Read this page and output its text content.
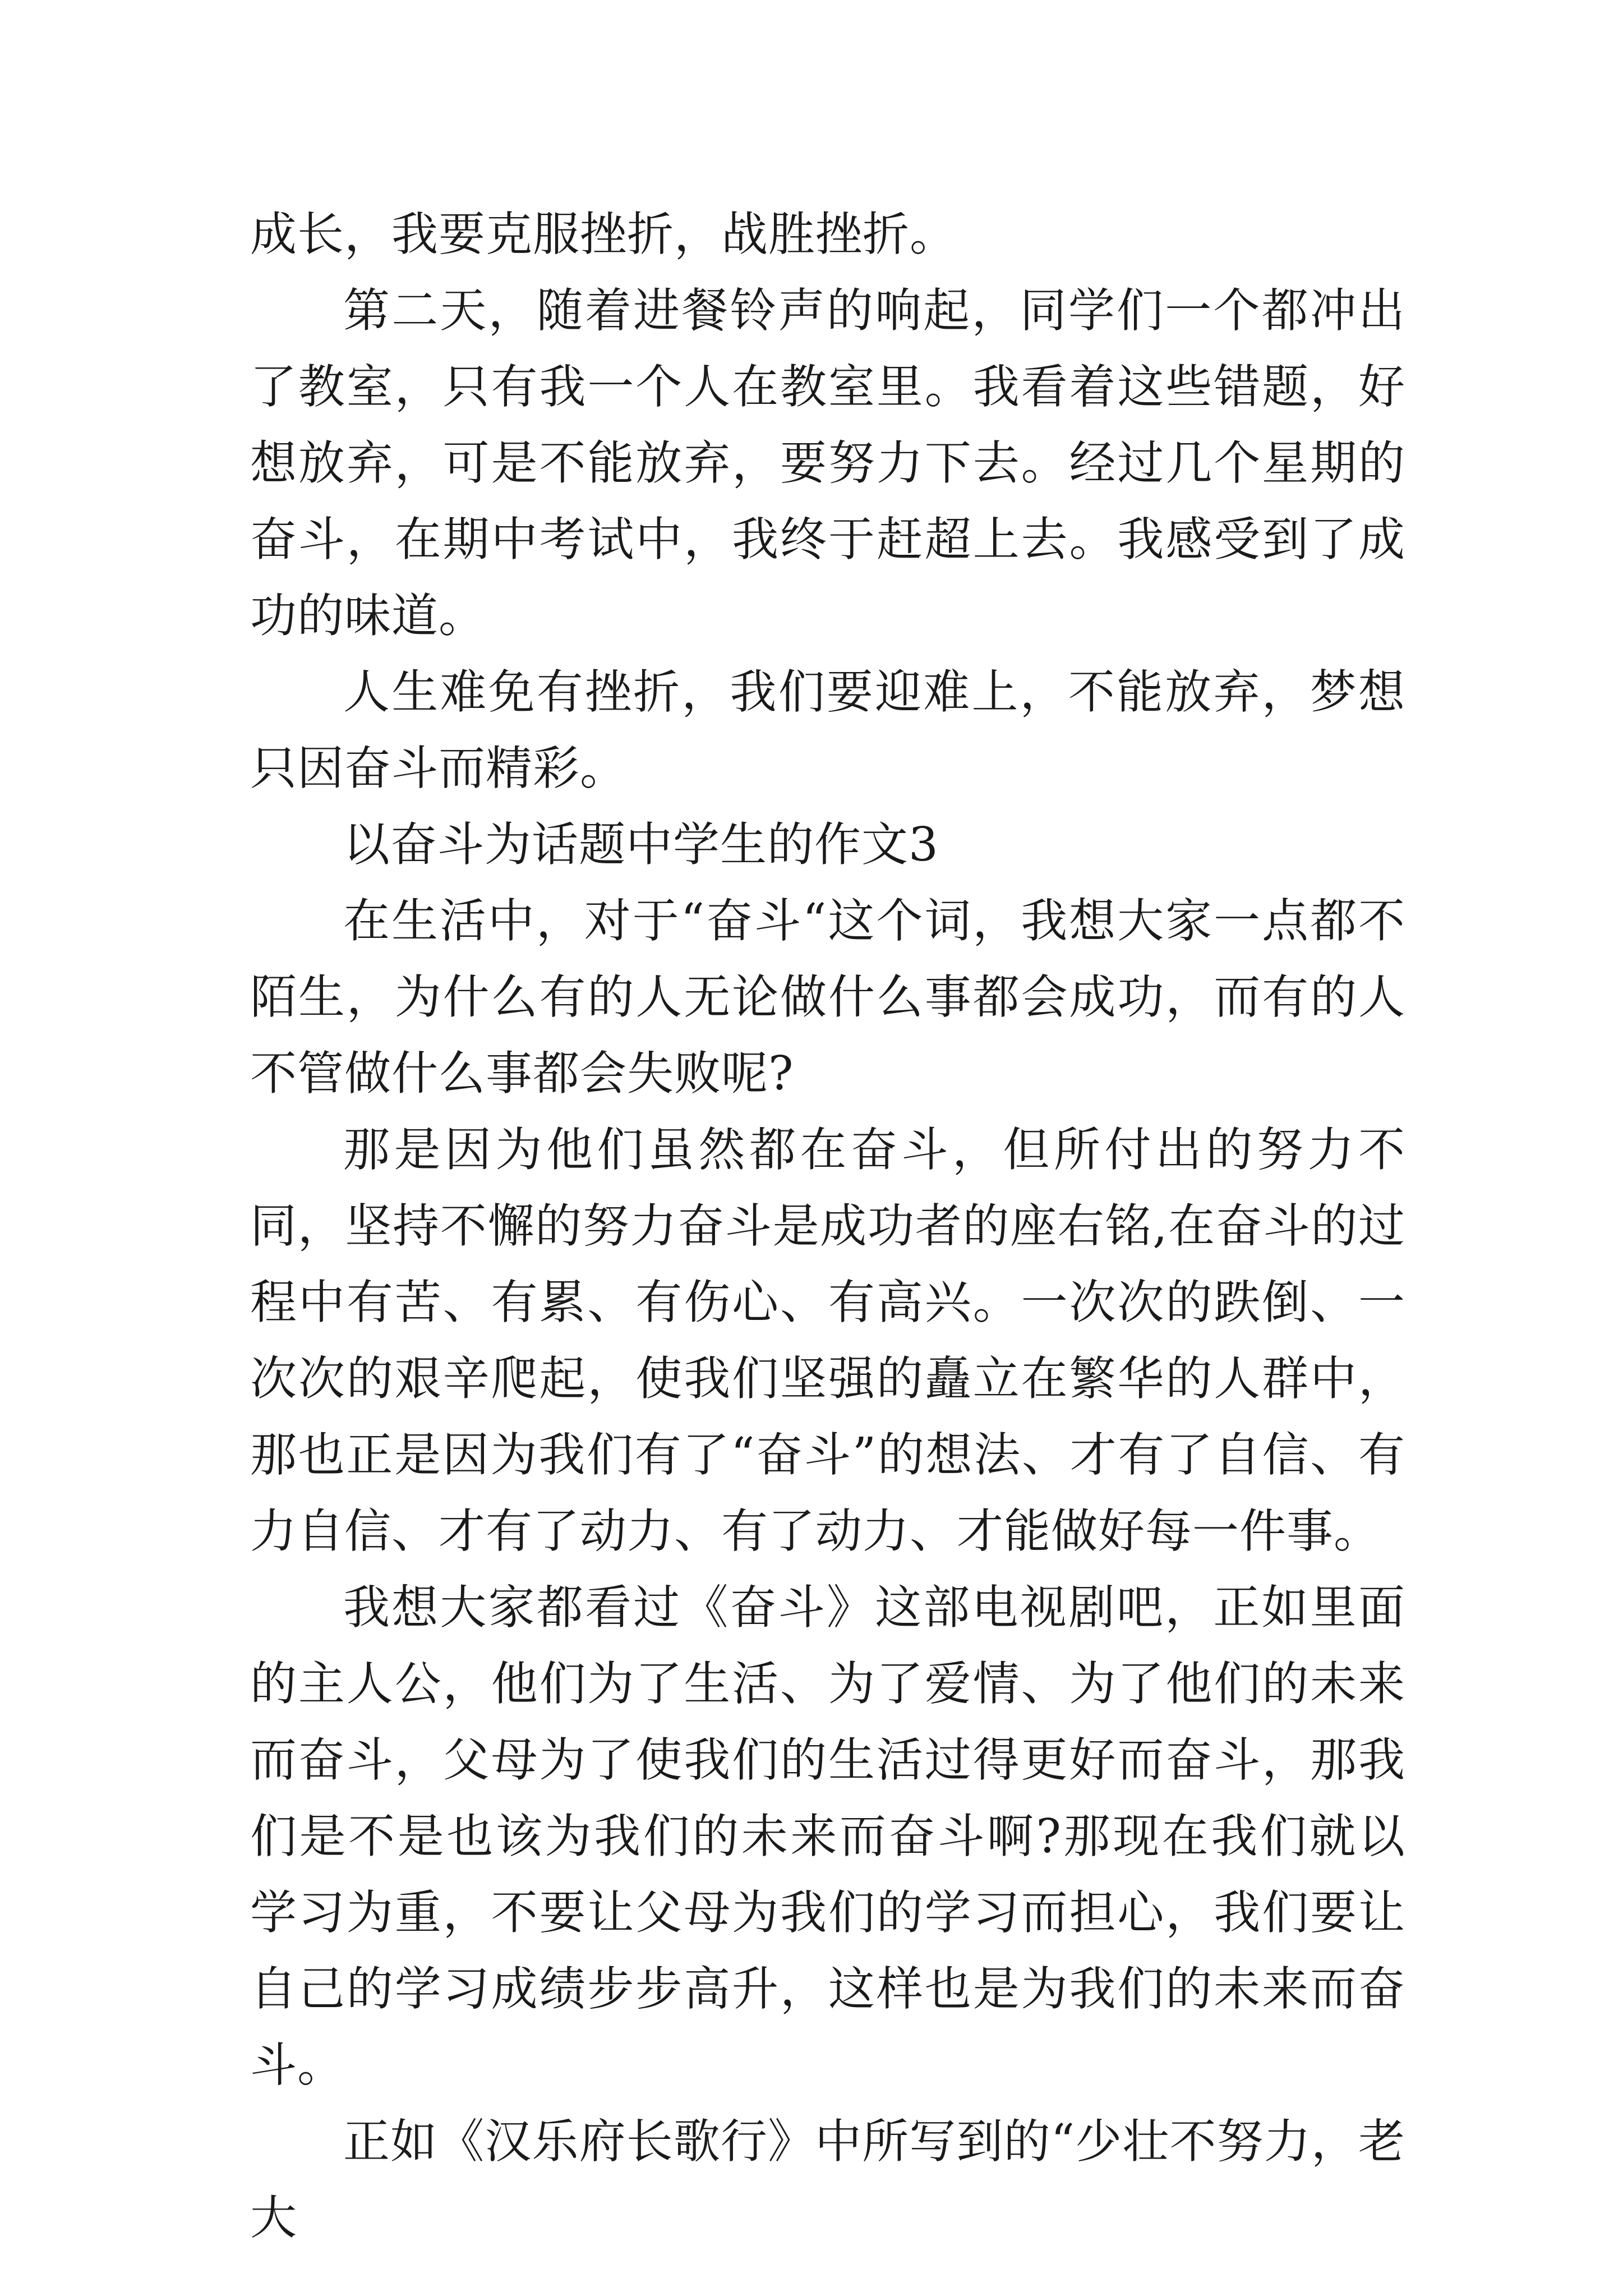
成长，我要克服挫折，战胜挫折。

第二天，随着进餐铃声的响起，同学们一个都冲出了教室，只有我一个人在教室里。我看着这些错题，好想放弃，可是不能放弃，要努力下去。经过几个星期的奋斗，在期中考试中，我终于赶超上去。我感受到了成功的味道。

人生难免有挫折，我们要迎难上，不能放弃，梦想只因奋斗而精彩。

以奋斗为话题中学生的作文3

在生活中，对于“奋斗“这个词，我想大家一点都不陌生，为什么有的人无论做什么事都会成功，而有的人不管做什么事都会失败呢?

那是因为他们虽然都在奋斗，但所付出的努力不同，坚持不懈的努力奋斗是成功者的座右铭,在奋斗的过程中有苦、有累、有伤心、有高兴。一次次的跌倒、一次次的艰辛爬起，使我们坚强的矗立在繁华的人群中，那也正是因为我们有了“奋斗”的想法、才有了自信、有力自信、才有了动力、有了动力、才能做好每一件事。

我想大家都看过《奋斗》这部电视剧吧，正如里面的主人公，他们为了生活、为了爱情、为了他们的未来而奋斗，父母为了使我们的生活过得更好而奋斗，那我们是不是也该为我们的未来而奋斗啊?那现在我们就以学习为重，不要让父母为我们的学习而担心，我们要让自己的学习成绩步步高升，这样也是为我们的未来而奋斗。

正如《汉乐府长歌行》中所写到的“少壮不努力，老大
